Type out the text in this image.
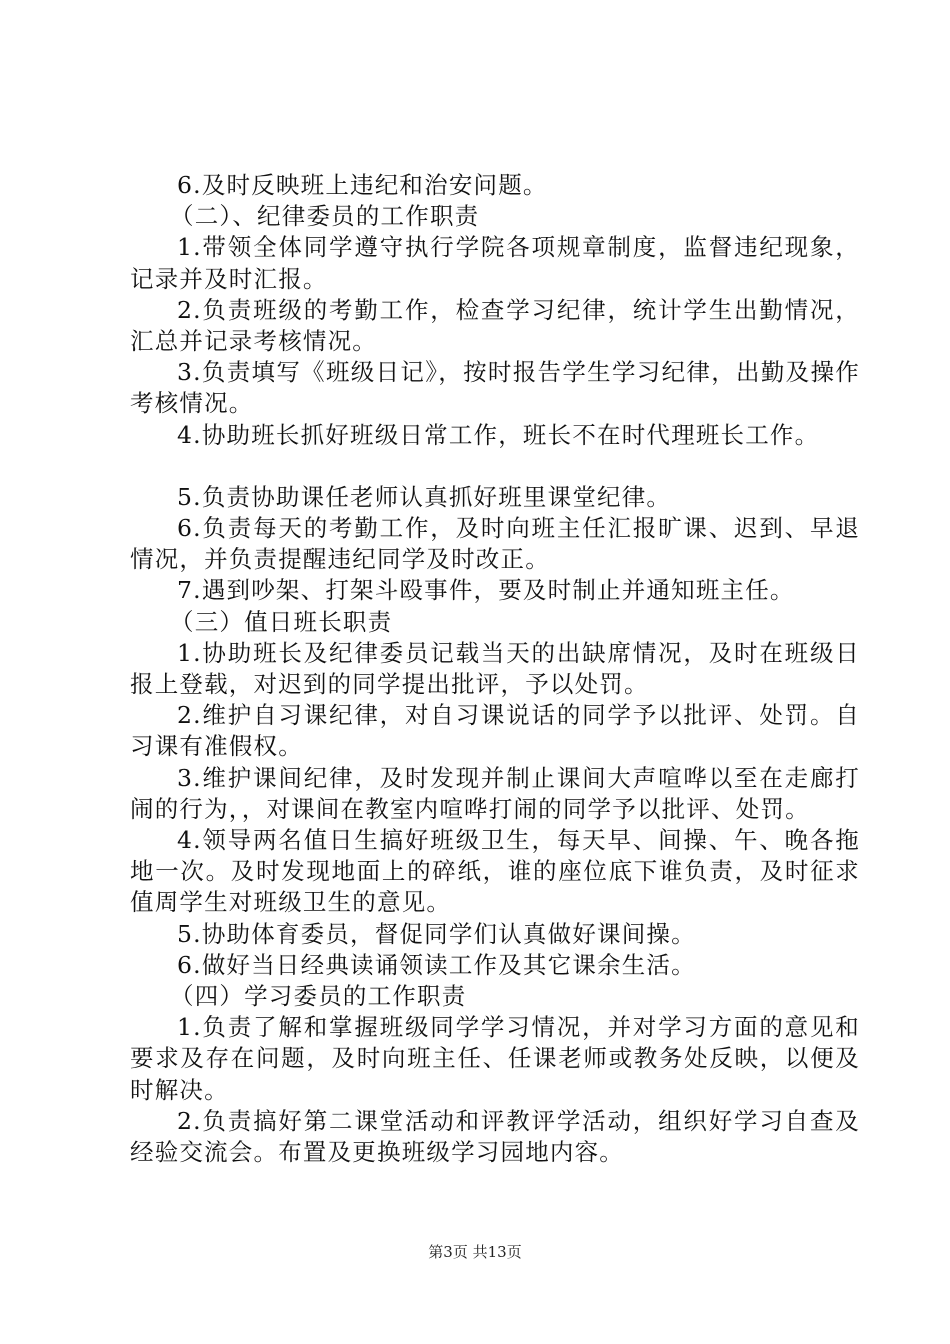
6.及时反映班上违纪和治安问题。

（二）、纪律委员的工作职责

1.带领全体同学遵守执行学院各项规章制度，监督违纪现象，记录并及时汇报。

2.负责班级的考勤工作，检查学习纪律，统计学生出勤情况，汇总并记录考核情况。

3.负责填写《班级日记》，按时报告学生学习纪律，出勤及操作考核情况。

4.协助班长抓好班级日常工作，班长不在时代理班长工作。

5.负责协助课任老师认真抓好班里课堂纪律。

6.负责每天的考勤工作，及时向班主任汇报旷课、迟到、早退情况，并负责提醒违纪同学及时改正。

7.遇到吵架、打架斗殴事件，要及时制止并通知班主任。

（三）值日班长职责

1.协助班长及纪律委员记载当天的出缺席情况，及时在班级日报上登载，对迟到的同学提出批评，予以处罚。

2.维护自习课纪律，对自习课说话的同学予以批评、处罚。自习课有准假权。

3.维护课间纪律，及时发现并制止课间大声喧哗以至在走廊打闹的行为，，对课间在教室内喧哗打闹的同学予以批评、处罚。

4.领导两名值日生搞好班级卫生，每天早、间操、午、晚各拖地一次。及时发现地面上的碎纸，谁的座位底下谁负责，及时征求值周学生对班级卫生的意见。

5.协助体育委员，督促同学们认真做好课间操。

6.做好当日经典读诵领读工作及其它课余生活。

（四）学习委员的工作职责

1.负责了解和掌握班级同学学习情况，并对学习方面的意见和要求及存在问题，及时向班主任、任课老师或教务处反映，以便及时解决。

2.负责搞好第二课堂活动和评教评学活动，组织好学习自查及经验交流会。布置及更换班级学习园地内容。

第3页 共13页
